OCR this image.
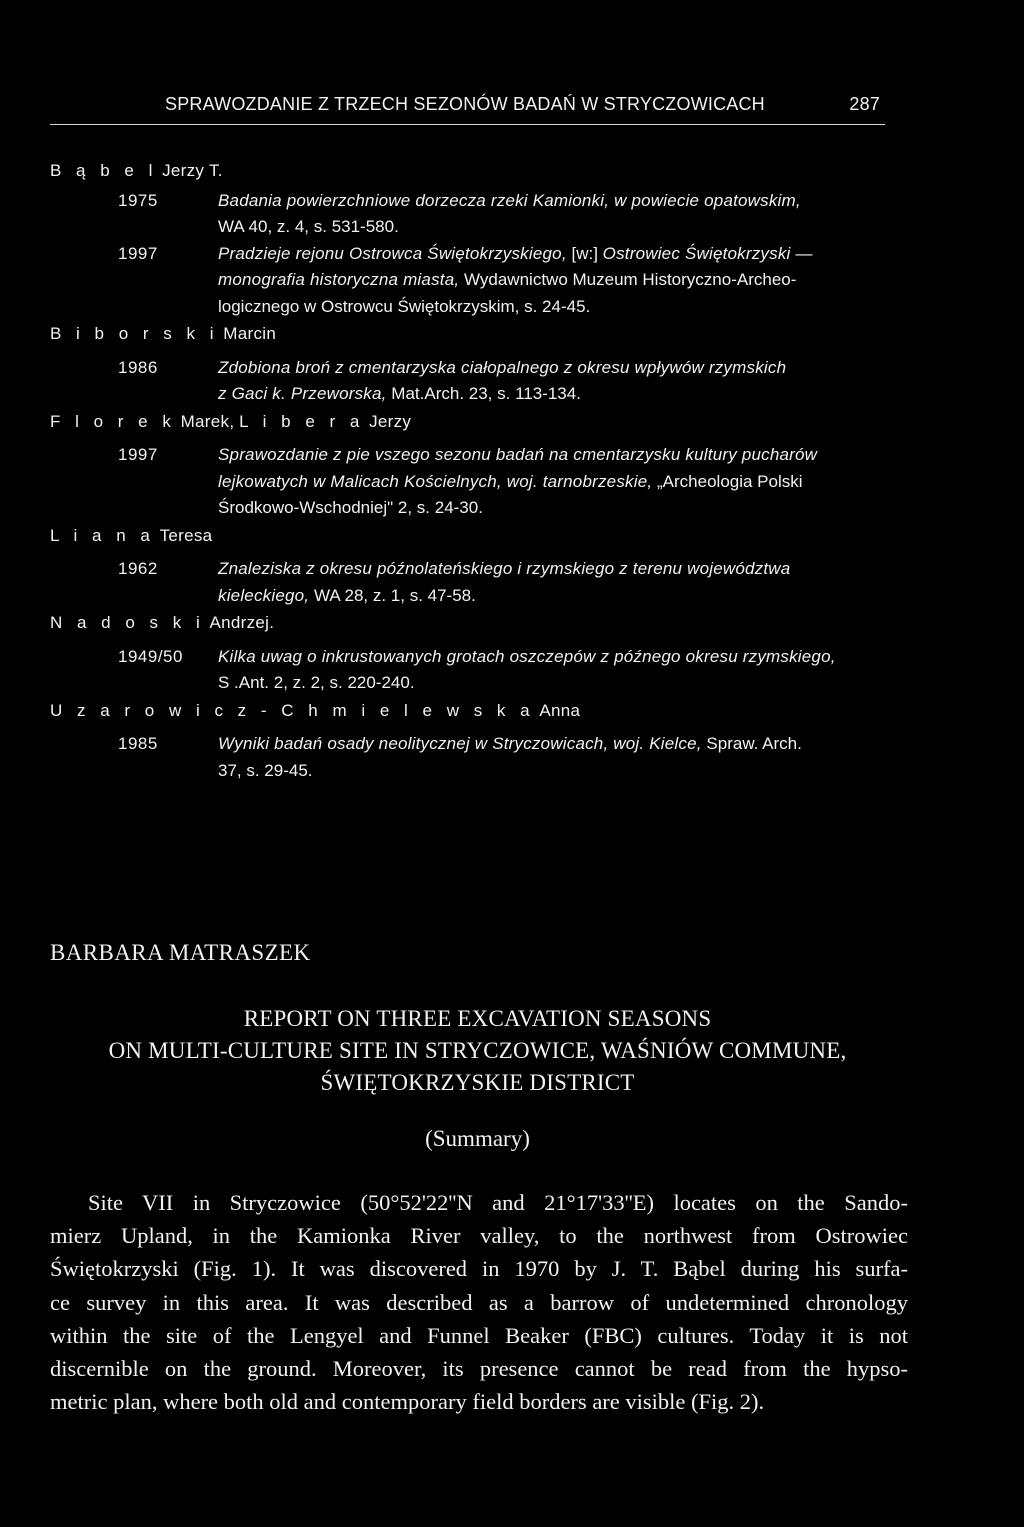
SPRAWOZDANIE Z TRZECH SEZONÓW BADAŃ W STRYCZOWICACH	287
B ą b e l Jerzy T.
1975	Badania powierzchniowe dorzecza rzeki Kamionki, w powiecie opatowskim,
WA 40, z. 4, s. 531-580.
1997	Pradzieje rejonu Ostrowca Świętokrzyskiego, [w:] Ostrowiec Świętokrzyski —
monografia historyczna miasta, Wydawnictwo Muzeum Historyczno-Archeo-
logicznego w Ostrowcu Świętokrzyskim, s. 24-45.
B i b o r s k i Marcin
1986	Zdobiona broń z cmentarzyska ciałopalnego z okresu wpływów rzymskich
z Gaci k. Przeworska, Mat.Arch. 23, s. 113-134.
F l o r e k Marek, L i b e r a Jerzy
1997	Sprawozdanie z pie vszego sezonu badań na cmentarzysku kultury pucharów
lejkowatych w Malicach Kościelnych, woj. tarnobrzeskie, „Archeologia Polski
Środkowo-Wschodniej" 2, s. 24-30.
L i a n a Teresa
1962	Znaleziska z okresu późnolateńskiego i rzymskiego z terenu województwa
kieleckiego, WA 28, z. 1, s. 47-58.
N a d o s k i Andrzej.
1949/50 Kilka uwag o inkrustowanych grotach oszczepów z późnego okresu rzymskiego,
S .Ant. 2, z. 2, s. 220-240.
U z a r o w i c z - C h m i e l e w s k a Anna
1985	Wyniki badań osady neolitycznej w Stryczowicach, woj. Kielce, Spraw. Arch.
37, s. 29-45.
BARBARA MATRASZEK
REPORT ON THREE EXCAVATION SEASONS
ON MULTI-CULTURE SITE IN STRYCZOWICE, WAŚNIÓW COMMUNE,
ŚWIĘTOKRZYSKIE DISTRICT
(Summary)
Site VII in Stryczowice (50°52'22''N and 21°17'33''E) locates on the Sando-
mierz Upland, in the Kamionka River valley, to the northwest from Ostrowiec
Świętokrzyski (Fig. 1). It was discovered in 1970 by J. T. Bąbel during his surfa-
ce survey in this area. It was described as a barrow of undetermined chronology
within the site of the Lengyel and Funnel Beaker (FBC) cultures. Today it is not
discernible on the ground. Moreover, its presence cannot be read from the hypso-
metric plan, where both old and contemporary field borders are visible (Fig. 2).
